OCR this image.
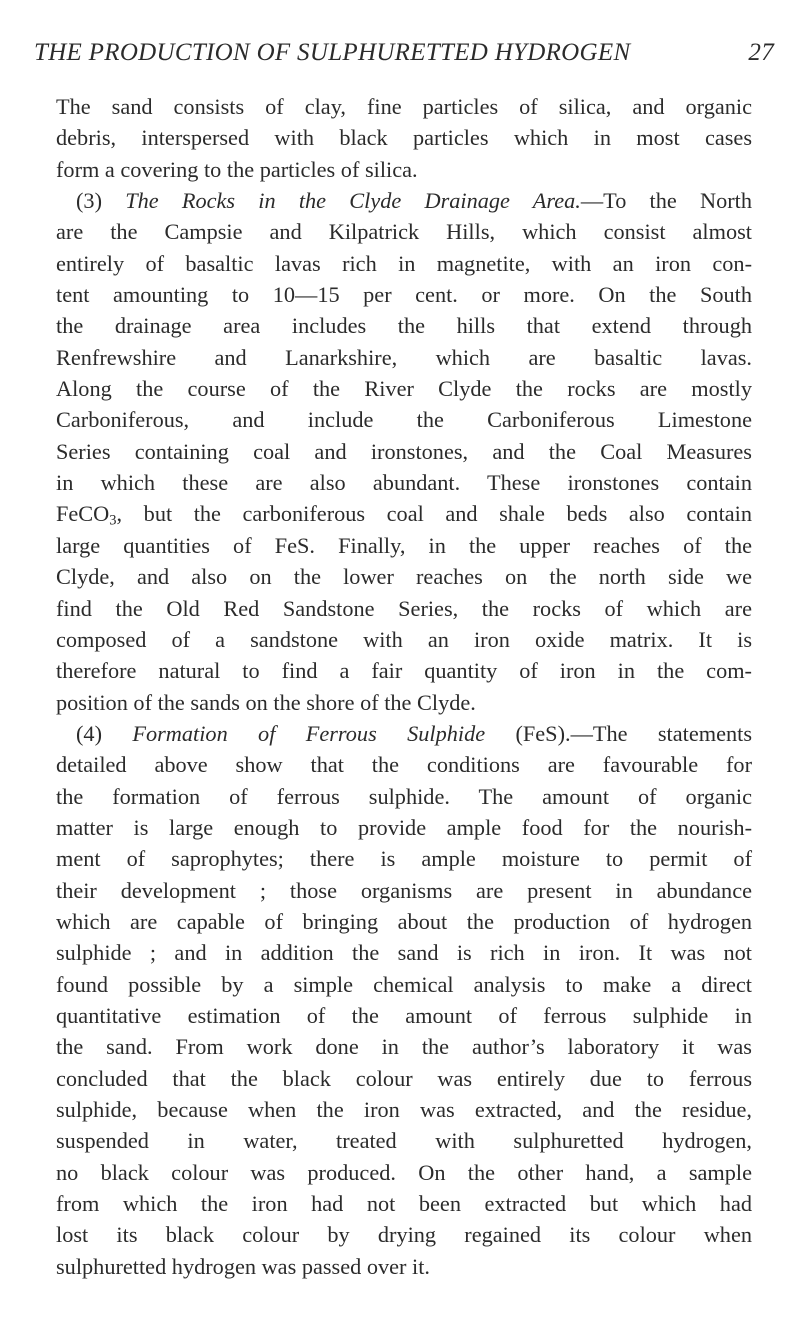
THE PRODUCTION OF SULPHURETTED HYDROGEN	27
The sand consists of clay, fine particles of silica, and organic
debris, interspersed with black particles which in most cases
form a covering to the particles of silica.
(3) The Rocks in the Clyde Drainage Area.—To the North
are the Campsie and Kilpatrick Hills, which consist almost
entirely of basaltic lavas rich in magnetite, with an iron con-
tent amounting to 10—15 per cent. or more. On the South
the drainage area includes the hills that extend through
Renfrewshire and Lanarkshire, which are basaltic lavas.
Along the course of the River Clyde the rocks are mostly
Carboniferous, and include the Carboniferous Limestone
Series containing coal and ironstones, and the Coal Measures
in which these are also abundant. These ironstones contain
FeCO$_3$, but the carboniferous coal and shale beds also contain
large quantities of FeS. Finally, in the upper reaches of the
Clyde, and also on the lower reaches on the north side we
find the Old Red Sandstone Series, the rocks of which are
composed of a sandstone with an iron oxide matrix. It is
therefore natural to find a fair quantity of iron in the com-
position of the sands on the shore of the Clyde.
(4) Formation of Ferrous Sulphide (FeS).—The statements
detailed above show that the conditions are favourable for
the formation of ferrous sulphide. The amount of organic
matter is large enough to provide ample food for the nourish-
ment of saprophytes; there is ample moisture to permit of
their development ; those organisms are present in abundance
which are capable of bringing about the production of hydrogen
sulphide ; and in addition the sand is rich in iron. It was not
found possible by a simple chemical analysis to make a direct
quantitative estimation of the amount of ferrous sulphide in
the sand. From work done in the author’s laboratory it was
concluded that the black colour was entirely due to ferrous
sulphide, because when the iron was extracted, and the residue,
suspended in water, treated with sulphuretted hydrogen,
no black colour was produced. On the other hand, a sample
from which the iron had not been extracted but which had
lost its black colour by drying regained its colour when
sulphuretted hydrogen was passed over it.
